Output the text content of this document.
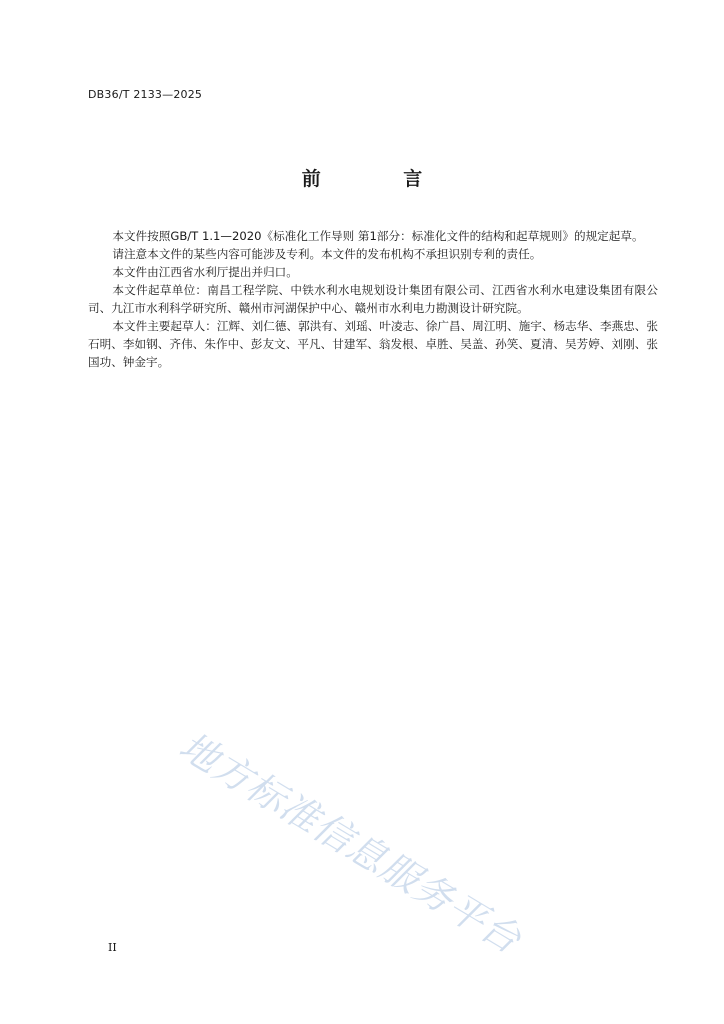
DB36/T 2133—2025
前 言

本文件按照GB/T 1.1—2020《标准化工作导则 第1部分：标准化文件的结构和起草规则》的规定起草。

请注意本文件的某些内容可能涉及专利。本文件的发布机构不承担识别专利的责任。

本文件由江西省水利厅提出并归口。

本文件起草单位：南昌工程学院、中铁水利水电规划设计集团有限公司、江西省水利水电建设集团有限公司、九江市水利科学研究所、赣州市河湖保护中心、赣州市水利电力勘测设计研究院。

本文件主要起草人：江辉、刘仁德、郭洪有、刘瑶、叶凌志、徐广昌、周江明、施宇、杨志华、李燕忠、张石明、李如钢、齐伟、朱作中、彭友文、平凡、甘建军、翁发根、卓胜、吴盖、孙笑、夏清、吴芳婷、刘刚、张国功、钟金宇。

地方标准信息服务平台
II
